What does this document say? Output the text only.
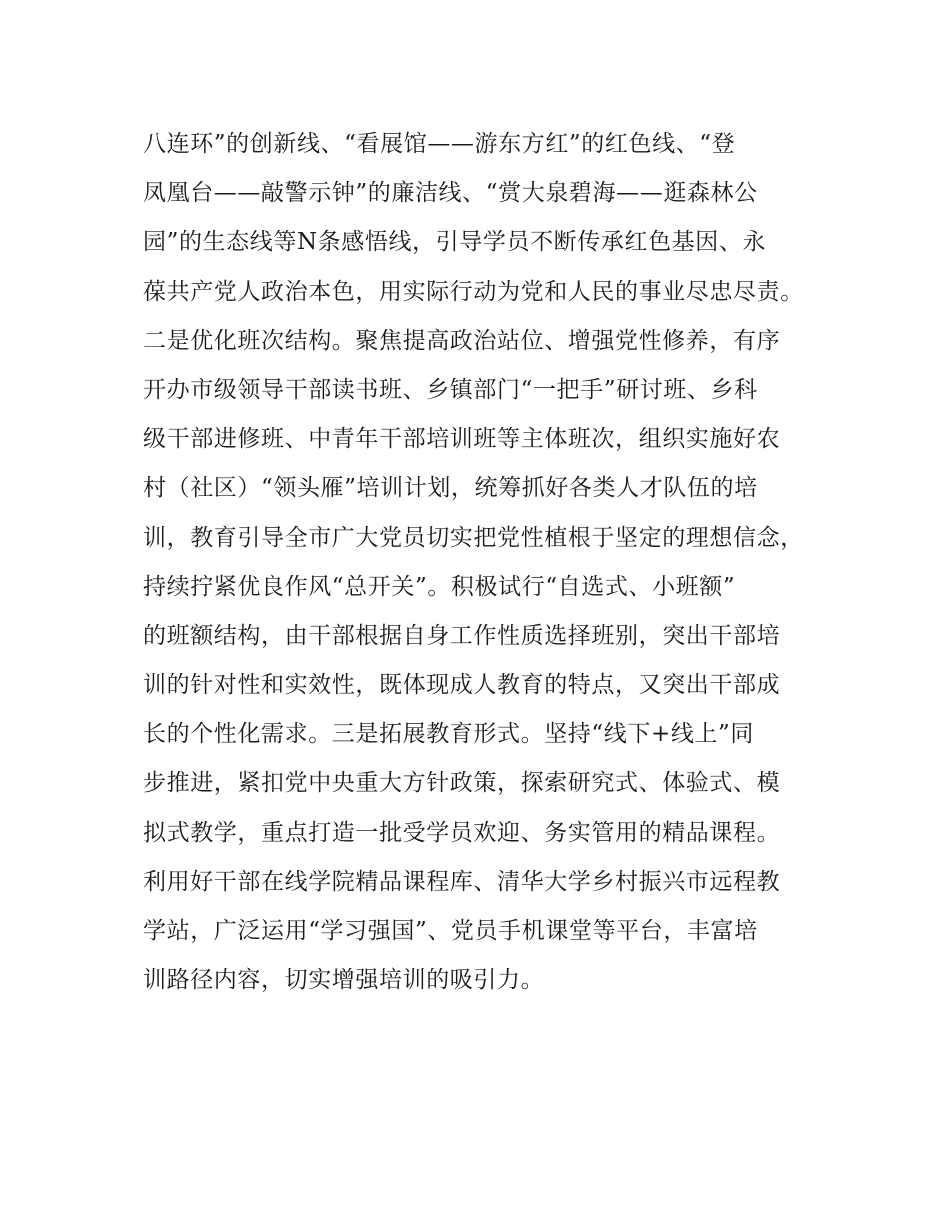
八连环”的创新线、“看展馆——游东方红”的红色线、“登
凤凰台——敲警示钟”的廉洁线、“赏大泉碧海——逛森林公
园”的生态线等N条感悟线，引导学员不断传承红色基因、永
葆共产党人政治本色，用实际行动为党和人民的事业尽忠尽责。
二是优化班次结构。聚焦提高政治站位、增强党性修养，有序
开办市级领导干部读书班、乡镇部门“一把手”研讨班、乡科
级干部进修班、中青年干部培训班等主体班次，组织实施好农
村（社区）“领头雁”培训计划，统筹抓好各类人才队伍的培
训，教育引导全市广大党员切实把党性植根于坚定的理想信念，
持续拧紧优良作风“总开关”。积极试行“自选式、小班额”
的班额结构，由干部根据自身工作性质选择班别，突出干部培
训的针对性和实效性，既体现成人教育的特点，又突出干部成
长的个性化需求。三是拓展教育形式。坚持“线下+线上”同
步推进，紧扣党中央重大方针政策，探索研究式、体验式、模
拟式教学，重点打造一批受学员欢迎、务实管用的精品课程。
利用好干部在线学院精品课程库、清华大学乡村振兴市远程教
学站，广泛运用“学习强国”、党员手机课堂等平台，丰富培
训路径内容，切实增强培训的吸引力。
